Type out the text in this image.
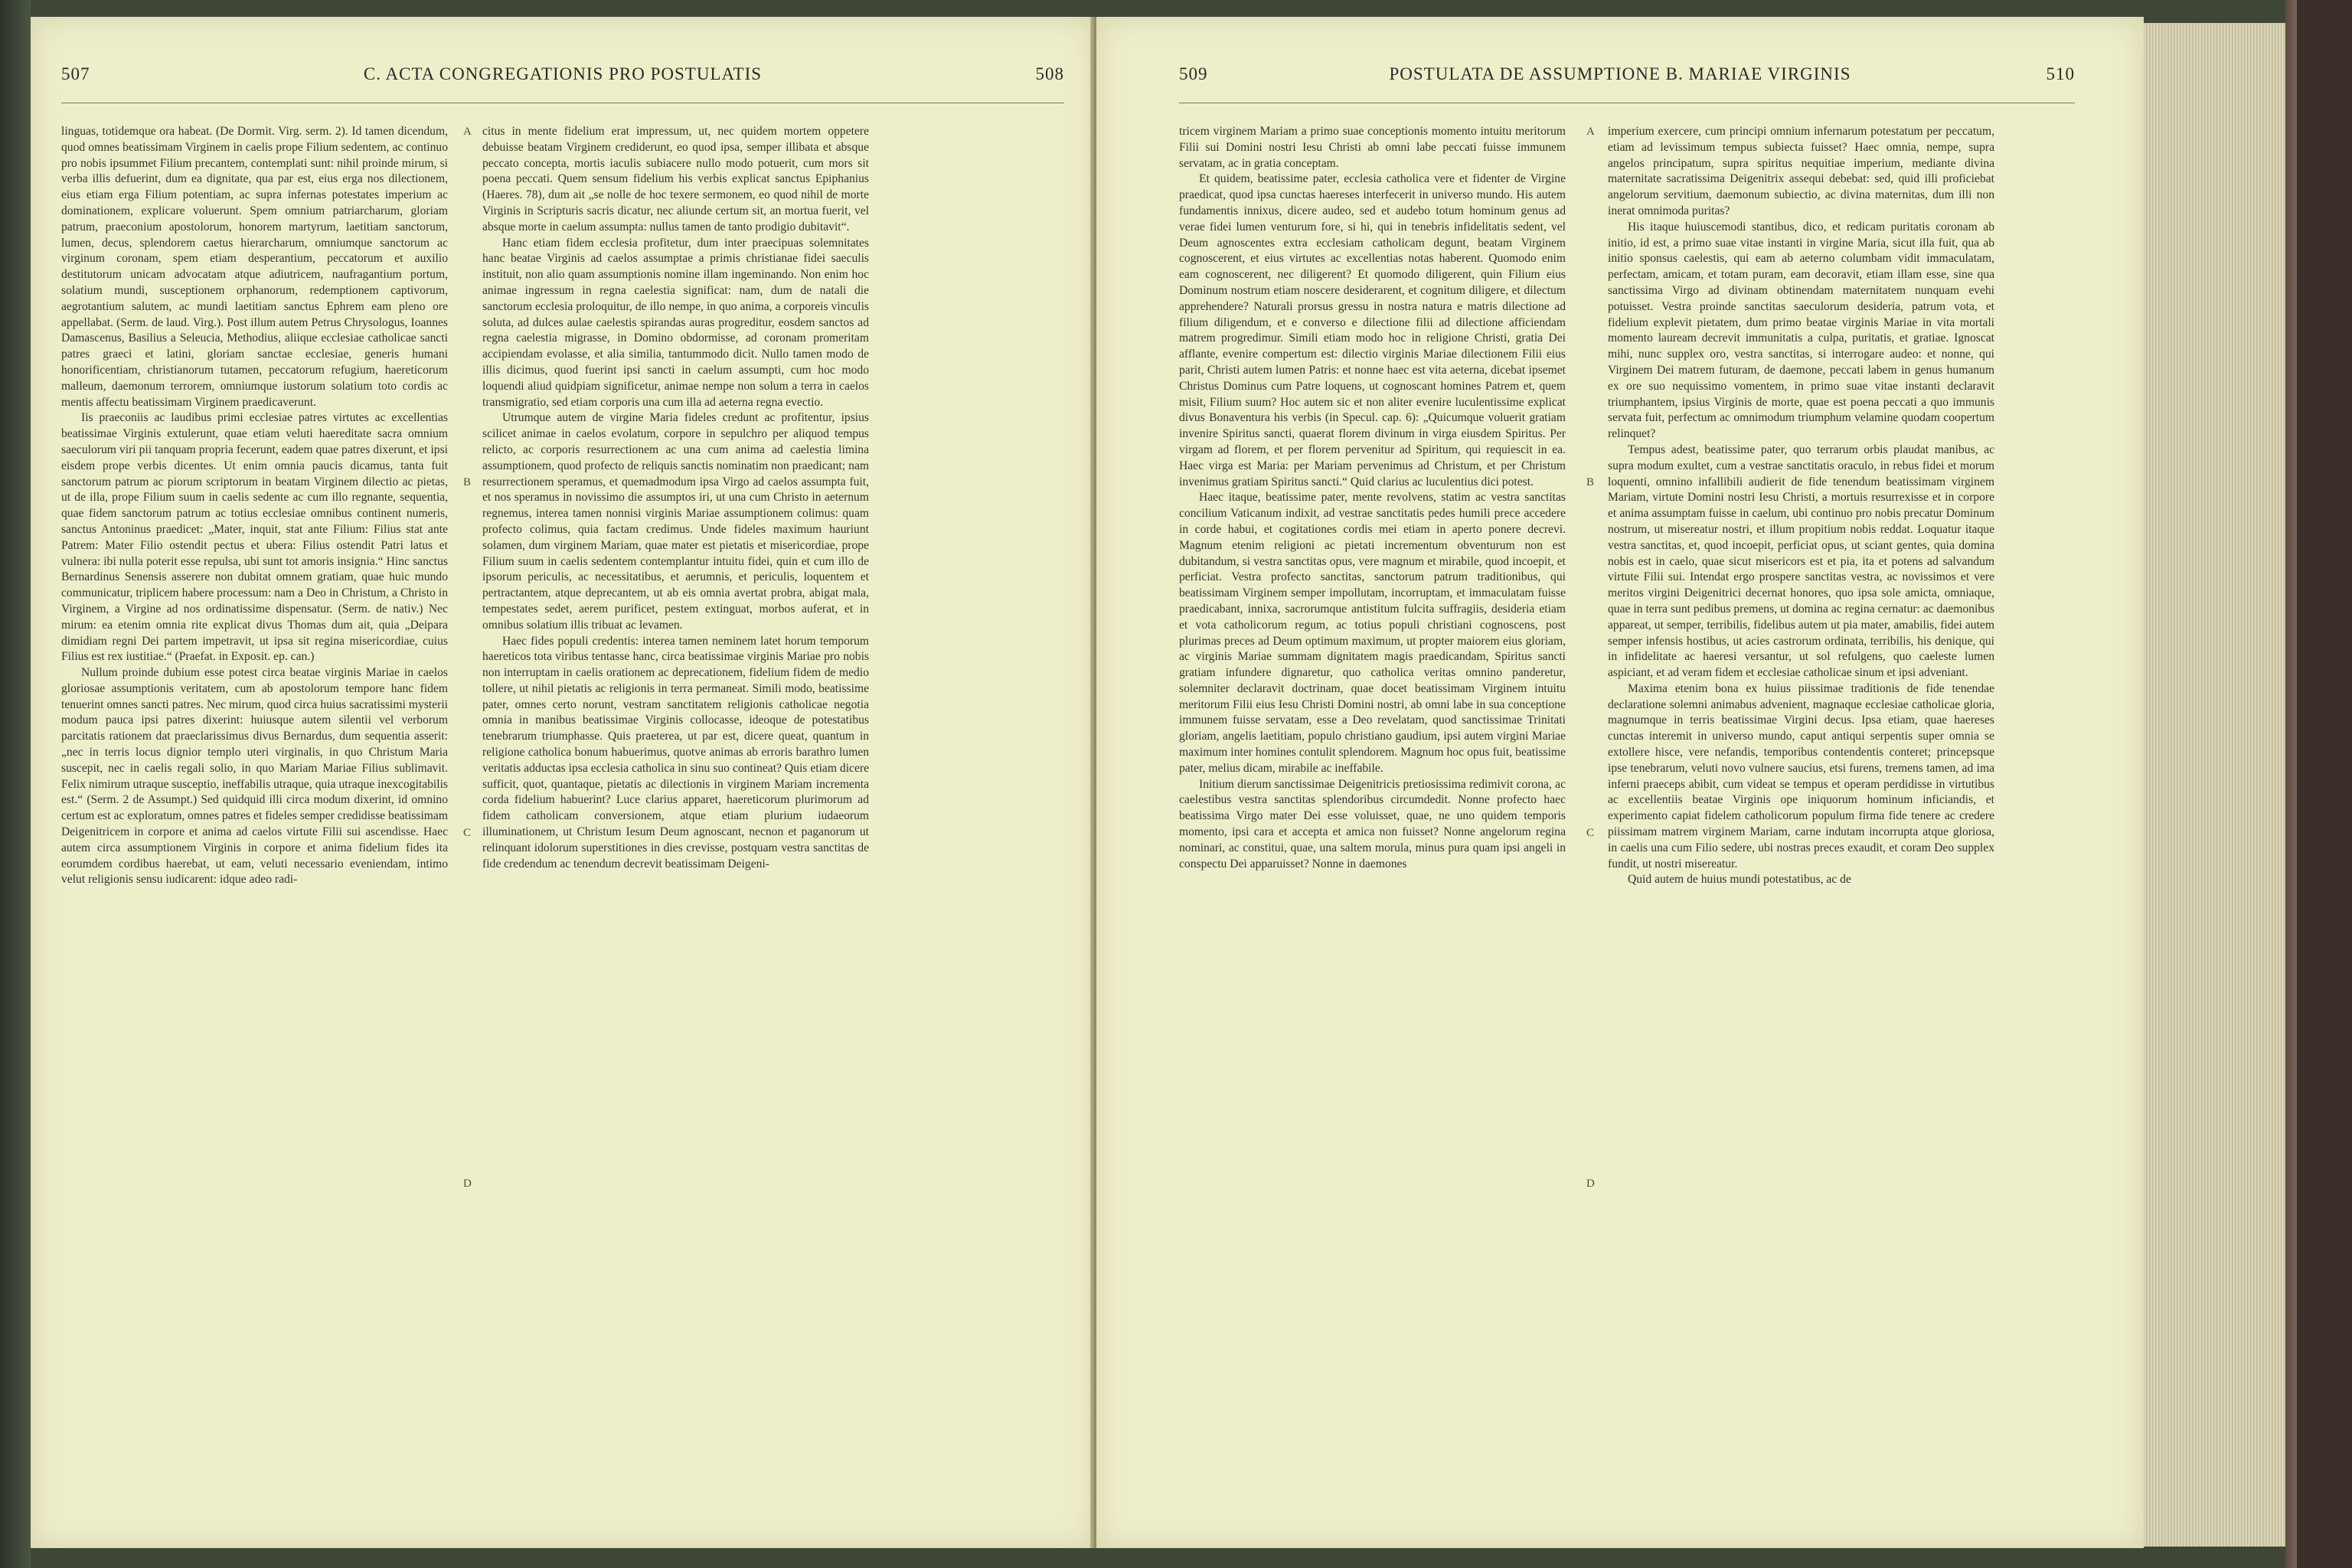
507	C. ACTA CONGREGATIONIS PRO POSTULATIS	508

linguas, totidemque ora habeat. (De Dormit. Virg. serm. 2). Id tamen dicendum, quod omnes beatissimam Virginem in caelis prope Filium sedentem, ac continuo pro nobis ipsummet Filium precantem, contemplati sunt: nihil proinde mirum, si verba illis defuerint, dum ea dignitate, qua par est, eius erga nos dilectionem, eius etiam erga Filium potentiam, ac supra infernas potestates imperium ac dominationem, explicare voluerunt. Spem omnium patriarcharum, gloriam patrum, praeconium apostolorum, honorem martyrum, laetitiam sanctorum, lumen, decus, splendorem caetus hierarcharum, omniumque sanctorum ac virginum coronam, spem etiam desperantium, peccatorum et auxilio destitutorum unicam advocatam atque adiutricem, naufragantium portum, solatium mundi, susceptionem orphanorum, redemptionem captivorum, aegrotantium salutem, ac mundi laetitiam sanctus Ephrem eam pleno ore appellabat. (Serm. de laud. Virg.). Post illum autem Petrus Chrysologus, Ioannes Damascenus, Basilius a Seleucia, Methodius, aliique ecclesiae catholicae sancti patres graeci et latini, gloriam sanctae ecclesiae, generis humani honorificentiam, christianorum tutamen, peccatorum refugium, haereticorum malleum, daemonum terrorem, omniumque iustorum solatium toto cordis ac mentis affectu beatissimam Virginem praedicaverunt.

Iis praeconiis ac laudibus primi ecclesiae patres virtutes ac excellentias beatissimae Virginis extulerunt, quae etiam veluti haereditate sacra omnium saeculorum viri pii tanquam propria fecerunt, eadem quae patres dixerunt, et ipsi eisdem prope verbis dicentes. Ut enim omnia paucis dicamus, tanta fuit sanctorum patrum ac piorum scriptorum in beatam Virginem dilectio ac pietas, ut de illa, prope Filium suum in caelis sedente ac cum illo regnante, sequentia, quae fidem sanctorum patrum ac totius ecclesiae omnibus continent numeris, sanctus Antoninus praedicet: „Mater, inquit, stat ante Filium: Filius stat ante Patrem: Mater Filio ostendit pectus et ubera: Filius ostendit Patri latus et vulnera: ibi nulla poterit esse repulsa, ubi sunt tot amoris insignia.“ Hinc sanctus Bernardinus Senensis asserere non dubitat omnem gratiam, quae huic mundo communicatur, triplicem habere processum: nam a Deo in Christum, a Christo in Virginem, a Virgine ad nos ordinatissime dispensatur. (Serm. de nativ.) Nec mirum: ea etenim omnia rite explicat divus Thomas dum ait, quia „Deipara dimidiam regni Dei partem impetravit, ut ipsa sit regina misericordiae, cuius Filius est rex iustitiae.“ (Praefat. in Exposit. ep. can.)

Nullum proinde dubium esse potest circa beatae virginis Mariae in caelos gloriosae assumptionis veritatem, cum ab apostolorum tempore hanc fidem tenuerint omnes sancti patres. Nec mirum, quod circa huius sacratissimi mysterii modum pauca ipsi patres dixerint: huiusque autem silentii vel verborum parcitatis rationem dat praeclarissimus divus Bernardus, dum sequentia asserit: „nec in terris locus dignior templo uteri virginalis, in quo Christum Maria suscepit, nec in caelis regali solio, in quo Mariam Mariae Filius sublimavit. Felix nimirum utraque susceptio, ineffabilis utraque, quia utraque inexcogitabilis est.“ (Serm. 2 de Assumpt.) Sed quidquid illi circa modum dixerint, id omnino certum est ac exploratum, omnes patres et fideles semper credidisse beatissimam Deigenitricem in corpore et anima ad caelos virtute Filii sui ascendisse. Haec autem circa assumptionem Virginis in corpore et anima fidelium fides ita eorumdem cordibus haerebat, ut eam, veluti necessario eveniendam, intimo velut religionis sensu iudicarent: idque adeo radi-

citus in mente fidelium erat impressum, ut, nec quidem mortem oppetere debuisse beatam Virginem crediderunt, eo quod ipsa, semper illibata et absque peccato concepta, mortis iaculis subiacere nullo modo potuerit, cum mors sit poena peccati. Quem sensum fidelium his verbis explicat sanctus Epiphanius (Haeres. 78), dum ait „se nolle de hoc texere sermonem, eo quod nihil de morte Virginis in Scripturis sacris dicatur, nec aliunde certum sit, an mortua fuerit, vel absque morte in caelum assumpta: nullus tamen de tanto prodigio dubitavit“.

Hanc etiam fidem ecclesia profitetur, dum inter praecipuas solemnitates hanc beatae Virginis ad caelos assumptae a primis christianae fidei saeculis instituit, non alio quam assumptionis nomine illam ingeminando. Non enim hoc animae ingressum in regna caelestia significat: nam, dum de natali die sanctorum ecclesia proloquitur, de illo nempe, in quo anima, a corporeis vinculis soluta, ad dulces aulae caelestis spirandas auras progreditur, eosdem sanctos ad regna caelestia migrasse, in Domino obdormisse, ad coronam promeritam accipiendam evolasse, et alia similia, tantummodo dicit. Nullo tamen modo de illis dicimus, quod fuerint ipsi sancti in caelum assumpti, cum hoc modo loquendi aliud quidpiam significetur, animae nempe non solum a terra in caelos transmigratio, sed etiam corporis una cum illa ad aeterna regna evectio.

Utrumque autem de virgine Maria fideles credunt ac profitentur, ipsius scilicet animae in caelos evolatum, corpore in sepulchro per aliquod tempus relicto, ac corporis resurrectionem ac una cum anima ad caelestia limina assumptionem, quod profecto de reliquis sanctis nominatim non praedicant; nam resurrectionem speramus, et quemadmodum ipsa Virgo ad caelos assumpta fuit, et nos speramus in novissimo die assumptos iri, ut una cum Christo in aeternum regnemus, interea tamen nonnisi virginis Mariae assumptionem colimus: quam profecto colimus, quia factam credimus. Unde fideles maximum hauriunt solamen, dum virginem Mariam, quae mater est pietatis et misericordiae, prope Filium suum in caelis sedentem contemplantur intuitu fidei, quin et cum illo de ipsorum periculis, ac necessitatibus, et aerumnis, et periculis, loquentem et pertractantem, atque deprecantem, ut ab eis omnia avertat probra, abigat mala, tempestates sedet, aerem purificet, pestem extinguat, morbos auferat, et in omnibus solatium illis tribuat ac levamen.

Haec fides populi credentis: interea tamen neminem latet horum temporum haereticos tota viribus tentasse hanc, circa beatissimae virginis Mariae pro nobis non interruptam in caelis orationem ac deprecationem, fidelium fidem de medio tollere, ut nihil pietatis ac religionis in terra permaneat. Simili modo, beatissime pater, omnes certo norunt, vestram sanctitatem religionis catholicae negotia omnia in manibus beatissimae Virginis collocasse, ideoque de potestatibus tenebrarum triumphasse. Quis praeterea, ut par est, dicere queat, quantum in religione catholica bonum habuerimus, quotve animas ab erroris barathro lumen veritatis adductas ipsa ecclesia catholica in sinu suo contineat? Quis etiam dicere sufficit, quot, quantaque, pietatis ac dilectionis in virginem Mariam incrementa corda fidelium habuerint? Luce clarius apparet, haereticorum plurimorum ad fidem catholicam conversionem, atque etiam plurium iudaeorum illuminationem, ut Christum Iesum Deum agnoscant, necnon et paganorum ut relinquant idolorum superstitiones in dies crevisse, postquam vestra sanctitas de fide credendum ac tenendum decrevit beatissimam Deigeni-

A
B
C
D
509	POSTULATA DE ASSUMPTIONE B. MARIAE VIRGINIS	510

tricem virginem Mariam a primo suae conceptionis momento intuitu meritorum Filii sui Domini nostri Iesu Christi ab omni labe peccati fuisse immunem servatam, ac in gratia conceptam.

Et quidem, beatissime pater, ecclesia catholica vere et fidenter de Virgine praedicat, quod ipsa cunctas haereses interfecerit in universo mundo. His autem fundamentis innixus, dicere audeo, sed et audebo totum hominum genus ad verae fidei lumen venturum fore, si hi, qui in tenebris infidelitatis sedent, vel Deum agnoscentes extra ecclesiam catholicam degunt, beatam Virginem cognoscerent, et eius virtutes ac excellentias notas haberent. Quomodo enim eam cognoscerent, nec diligerent? Et quomodo diligerent, quin Filium eius Dominum nostrum etiam noscere desiderarent, et cognitum diligere, et dilectum apprehendere? Naturali prorsus gressu in nostra natura e matris dilectione ad filium diligendum, et e converso e dilectione filii ad dilectione afficiendam matrem progredimur. Simili etiam modo hoc in religione Christi, gratia Dei afflante, evenire compertum est: dilectio virginis Mariae dilectionem Filii eius parit, Christi autem lumen Patris: et nonne haec est vita aeterna, dicebat ipsemet Christus Dominus cum Patre loquens, ut cognoscant homines Patrem et, quem misit, Filium suum? Hoc autem sic et non aliter evenire luculentissime explicat divus Bonaventura his verbis (in Specul. cap. 6): „Quicumque voluerit gratiam invenire Spiritus sancti, quaerat florem divinum in virga eiusdem Spiritus. Per virgam ad florem, et per florem pervenitur ad Spiritum, qui requiescit in ea. Haec virga est Maria: per Mariam pervenimus ad Christum, et per Christum invenimus gratiam Spiritus sancti.“ Quid clarius ac luculentius dici potest.

Haec itaque, beatissime pater, mente revolvens, statim ac vestra sanctitas concilium Vaticanum indixit, ad vestrae sanctitatis pedes humili prece accedere in corde habui, et cogitationes cordis mei etiam in aperto ponere decrevi. Magnum etenim religioni ac pietati incrementum obventurum non est dubitandum, si vestra sanctitas opus, vere magnum et mirabile, quod incoepit, et perficiat. Vestra profecto sanctitas, sanctorum patrum traditionibus, qui beatissimam Virginem semper impollutam, incorruptam, et immaculatam fuisse praedicabant, innixa, sacrorumque antistitum fulcita suffragiis, desideria etiam et vota catholicorum regum, ac totius populi christiani cognoscens, post plurimas preces ad Deum optimum maximum, ut propter maiorem eius gloriam, ac virginis Mariae summam dignitatem magis praedicandam, Spiritus sancti gratiam infundere dignaretur, quo catholica veritas omnino panderetur, solemniter declaravit doctrinam, quae docet beatissimam Virginem intuitu meritorum Filii eius Iesu Christi Domini nostri, ab omni labe in sua conceptione immunem fuisse servatam, esse a Deo revelatam, quod sanctissimae Trinitati gloriam, angelis laetitiam, populo christiano gaudium, ipsi autem virgini Mariae maximum inter homines contulit splendorem. Magnum hoc opus fuit, beatissime pater, melius dicam, mirabile ac ineffabile.

Initium dierum sanctissimae Deigenitricis pretiosissima redimivit corona, ac caelestibus vestra sanctitas splendoribus circumdedit. Nonne profecto haec beatissima Virgo mater Dei esse voluisset, quae, ne uno quidem temporis momento, ipsi cara et accepta et amica non fuisset? Nonne angelorum regina nominari, ac constitui, quae, una saltem morula, minus pura quam ipsi angeli in conspectu Dei apparuisset? Nonne in daemones

imperium exercere, cum principi omnium infernarum potestatum per peccatum, etiam ad levissimum tempus subiecta fuisset? Haec omnia, nempe, supra angelos principatum, supra spiritus nequitiae imperium, mediante divina maternitate sacratissima Deigenitrix assequi debebat: sed, quid illi proficiebat angelorum servitium, daemonum subiectio, ac divina maternitas, dum illi non inerat omnimoda puritas?

His itaque huiuscemodi stantibus, dico, et redicam puritatis coronam ab initio, id est, a primo suae vitae instanti in virgine Maria, sicut illa fuit, qua ab initio sponsus caelestis, qui eam ab aeterno columbam vidit immaculatam, perfectam, amicam, et totam puram, eam decoravit, etiam illam esse, sine qua sanctissima Virgo ad divinam obtinendam maternitatem nunquam evehi potuisset. Vestra proinde sanctitas saeculorum desideria, patrum vota, et fidelium explevit pietatem, dum primo beatae virginis Mariae in vita mortali momento lauream decrevit immunitatis a culpa, puritatis, et gratiae. Ignoscat mihi, nunc supplex oro, vestra sanctitas, si interrogare audeo: et nonne, qui Virginem Dei matrem futuram, de daemone, peccati labem in genus humanum ex ore suo nequissimo vomentem, in primo suae vitae instanti declaravit triumphantem, ipsius Virginis de morte, quae est poena peccati a quo immunis servata fuit, perfectum ac omnimodum triumphum velamine quodam coopertum relinquet?

Tempus adest, beatissime pater, quo terrarum orbis plaudat manibus, ac supra modum exultet, cum a vestrae sanctitatis oraculo, in rebus fidei et morum loquenti, omnino infallibili audierit de fide tenendum beatissimam virginem Mariam, virtute Domini nostri Iesu Christi, a mortuis resurrexisse et in corpore et anima assumptam fuisse in caelum, ubi continuo pro nobis precatur Dominum nostrum, ut misereatur nostri, et illum propitium nobis reddat. Loquatur itaque vestra sanctitas, et, quod incoepit, perficiat opus, ut sciant gentes, quia domina nobis est in caelo, quae sicut misericors est et pia, ita et potens ad salvandum virtute Filii sui. Intendat ergo prospere sanctitas vestra, ac novissimos et vere meritos virgini Deigenitrici decernat honores, quo ipsa sole amicta, omniaque, quae in terra sunt pedibus premens, ut domina ac regina cernatur: ac daemonibus appareat, ut semper, terribilis, fidelibus autem ut pia mater, amabilis, fidei autem semper infensis hostibus, ut acies castrorum ordinata, terribilis, his denique, qui in infidelitate ac haeresi versantur, ut sol refulgens, quo caeleste lumen aspiciant, et ad veram fidem et ecclesiae catholicae sinum et ipsi adveniant.

Maxima etenim bona ex huius piissimae traditionis de fide tenendae declaratione solemni animabus advenient, magnaque ecclesiae catholicae gloria, magnumque in terris beatissimae Virgini decus. Ipsa etiam, quae haereses cunctas interemit in universo mundo, caput antiqui serpentis super omnia se extollere hisce, vere nefandis, temporibus contendentis conteret; princepsque ipse tenebrarum, veluti novo vulnere saucius, etsi furens, tremens tamen, ad ima inferni praeceps abibit, cum videat se tempus et operam perdidisse in virtutibus ac excellentiis beatae Virginis ope iniquorum hominum inficiandis, et experimento capiat fidelem catholicorum populum firma fide tenere ac credere piissimam matrem virginem Mariam, carne indutam incorrupta atque gloriosa, in caelis una cum Filio sedere, ubi nostras preces exaudit, et coram Deo supplex fundit, ut nostri misereatur.

Quid autem de huius mundi potestatibus, ac de

A
B
C
D
